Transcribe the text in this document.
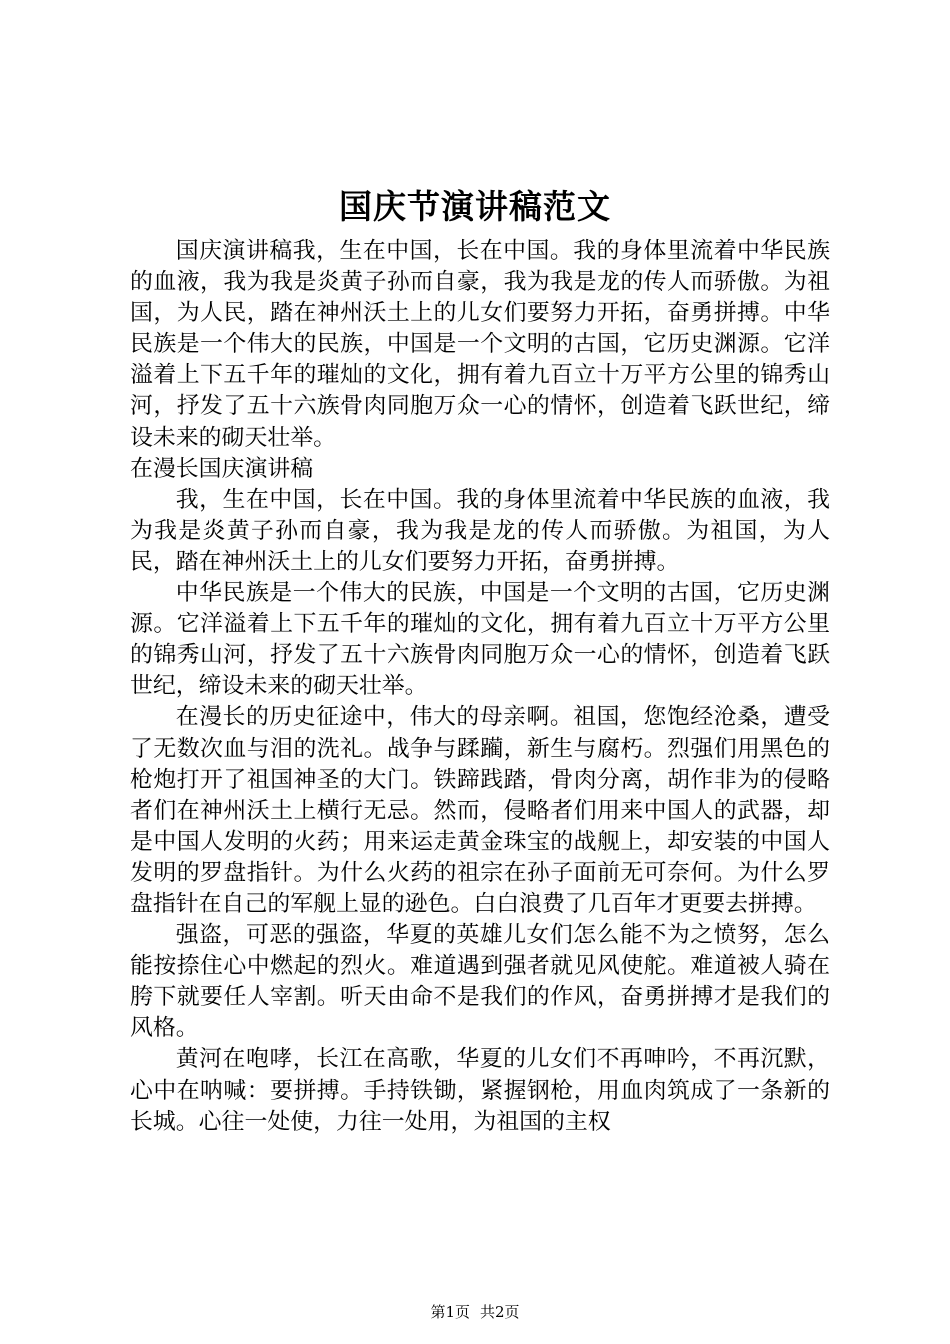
国庆节演讲稿范文

国庆演讲稿我，生在中国，长在中国。我的身体里流着中华民族的血液，我为我是炎黄子孙而自豪，我为我是龙的传人而骄傲。为祖国，为人民，踏在神州沃土上的儿女们要努力开拓，奋勇拼搏。中华民族是一个伟大的民族，中国是一个文明的古国，它历史渊源。它洋溢着上下五千年的璀灿的文化，拥有着九百立十万平方公里的锦秀山河，抒发了五十六族骨肉同胞万众一心的情怀，创造着飞跃世纪，缔设未来的砌天壮举。

在漫长国庆演讲稿

我，生在中国，长在中国。我的身体里流着中华民族的血液，我为我是炎黄子孙而自豪，我为我是龙的传人而骄傲。为祖国，为人民，踏在神州沃土上的儿女们要努力开拓，奋勇拼搏。

中华民族是一个伟大的民族，中国是一个文明的古国，它历史渊源。它洋溢着上下五千年的璀灿的文化，拥有着九百立十万平方公里的锦秀山河，抒发了五十六族骨肉同胞万众一心的情怀，创造着飞跃世纪，缔设未来的砌天壮举。

在漫长的历史征途中，伟大的母亲啊。祖国，您饱经沧桑，遭受了无数次血与泪的洗礼。战争与蹂躏，新生与腐朽。烈强们用黑色的枪炮打开了祖国神圣的大门。铁蹄践踏，骨肉分离，胡作非为的侵略者们在神州沃土上横行无忌。然而，侵略者们用来中国人的武器，却是中国人发明的火药；用来运走黄金珠宝的战舰上，却安装的中国人发明的罗盘指针。为什么火药的祖宗在孙子面前无可奈何。为什么罗盘指针在自己的军舰上显的逊色。白白浪费了几百年才更要去拼搏。

强盗，可恶的强盗，华夏的英雄儿女们怎么能不为之愤努，怎么能按捺住心中燃起的烈火。难道遇到强者就见风使舵。难道被人骑在胯下就要任人宰割。听天由命不是我们的作风，奋勇拼搏才是我们的风格。

黄河在咆哮，长江在高歌，华夏的儿女们不再呻吟，不再沉默，心中在呐喊：要拼搏。手持铁锄，紧握钢枪，用血肉筑成了一条新的长城。心往一处使，力往一处用，为祖国的主权

第1页 共2页
